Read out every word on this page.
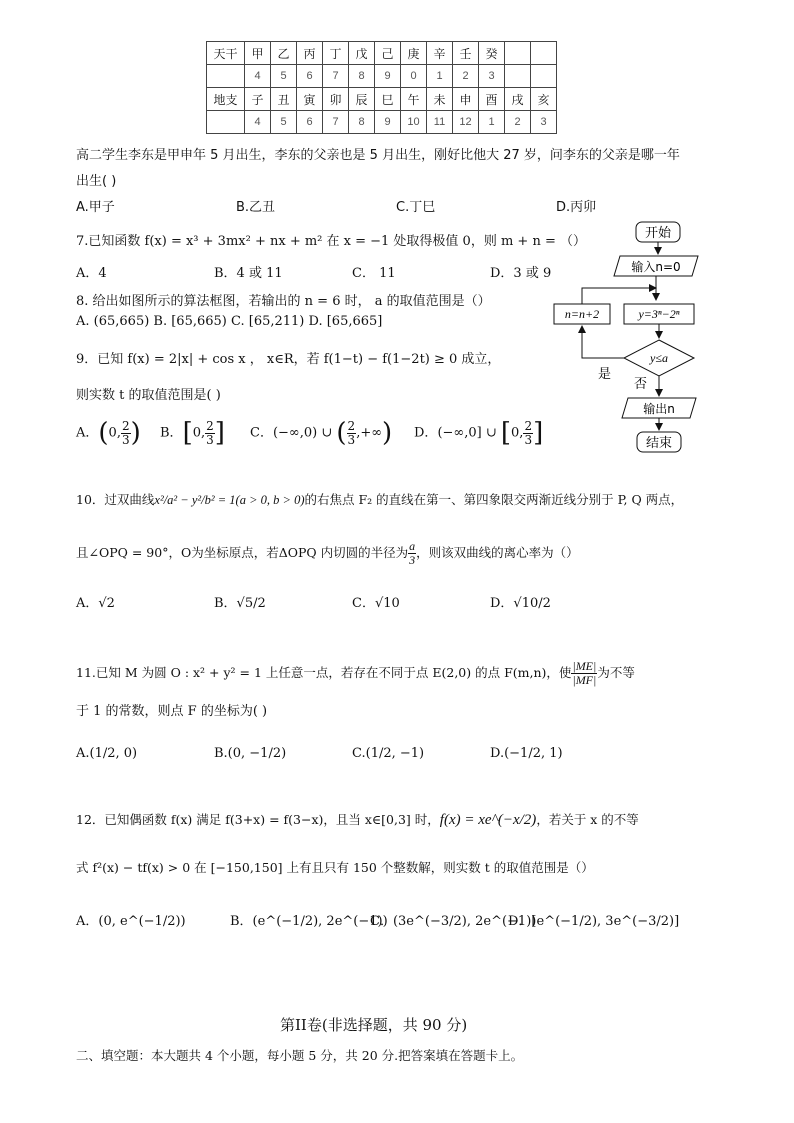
天干	甲	乙	丙	丁	戊	己	庚	辛	壬	癸		
	4	5	6	7	8	9	0	1	2	3		
地支	子	丑	寅	卯	辰	巳	午	未	申	酉	戌	亥
	4	5	6	7	8	9	10	11	12	1	2	3
高二学生李东是甲申年 5 月出生，李东的父亲也是 5 月出生，刚好比他大 27 岁，问李东的父亲是哪一年
出生( )
A.甲子	B.乙丑	C.丁巳	D.丙卯
7.已知函数 f(x) = x³ + 3mx² + nx + m² 在 x = −1 处取得极值 0，则 m + n = （）
A．4	B．4 或 11	C． 11	D．3 或 9
8. 给出如图所示的算法框图，若输出的 n = 6 时， a 的取值范围是（）
A. (65,665) B. [65,665) C. [65,211) D. [65,665]
开始
输入n=0
n=n+2	y=3ⁿ−2ⁿ
y≤a
是
否
输出n
结束
9．已知 f(x) = 2|x| + cos x ， x∈R，若 f(1−t) − f(1−2t) ≥ 0 成立，
则实数 t 的取值范围是( )
A．(0, $\frac{2}{3}$ ) B．[0, $\frac{2}{3}$ ] C．(−∞,0) ∪ ( $\frac{2}{3}$ ,+∞) D．(−∞,0] ∪ [0, $\frac{2}{3}$ ]
10．过双曲线x²/a² − y²/b² = 1(a > 0, b > 0)的右焦点 F₂ 的直线在第一、第四象限交两渐近线分别于 P, Q 两点，
且∠OPQ = 90°，O为坐标原点，若ΔOPQ 内切圆的半径为 $\frac{a}{3}$ ，则该双曲线的离心率为（）
A．√2	B．√5/2	C．√10	D．√10/2
11.已知 M 为圆 O : x² + y² = 1 上任意一点，若存在不同于点 E(2,0) 的点 F(m,n)，使 $\frac{|ME|}{|MF|}$ 为不等
于 1 的常数，则点 F 的坐标为( )
A.(1/2, 0)	B.(0, −1/2)	C.(1/2, −1)	D.(−1/2, 1)
12．已知偶函数 f(x) 满足 f(3+x) = f(3−x)，且当 x∈[0,3] 时，f(x) = xe^(−x/2)，若关于 x 的不等
式 f²(x) − tf(x) > 0 在 [−150,150] 上有且只有 150 个整数解，则实数 t 的取值范围是（）
A．(0, e^(−1/2))	B．(e^(−1/2), 2e^(−1))
C．(3e^(−3/2), 2e^(−1))
D．[e^(−1/2), 3e^(−3/2)]
第II卷(非选择题，共 90 分)
二、填空题：本大题共 4 个小题，每小题 5 分，共 20 分.把答案填在答题卡上。
